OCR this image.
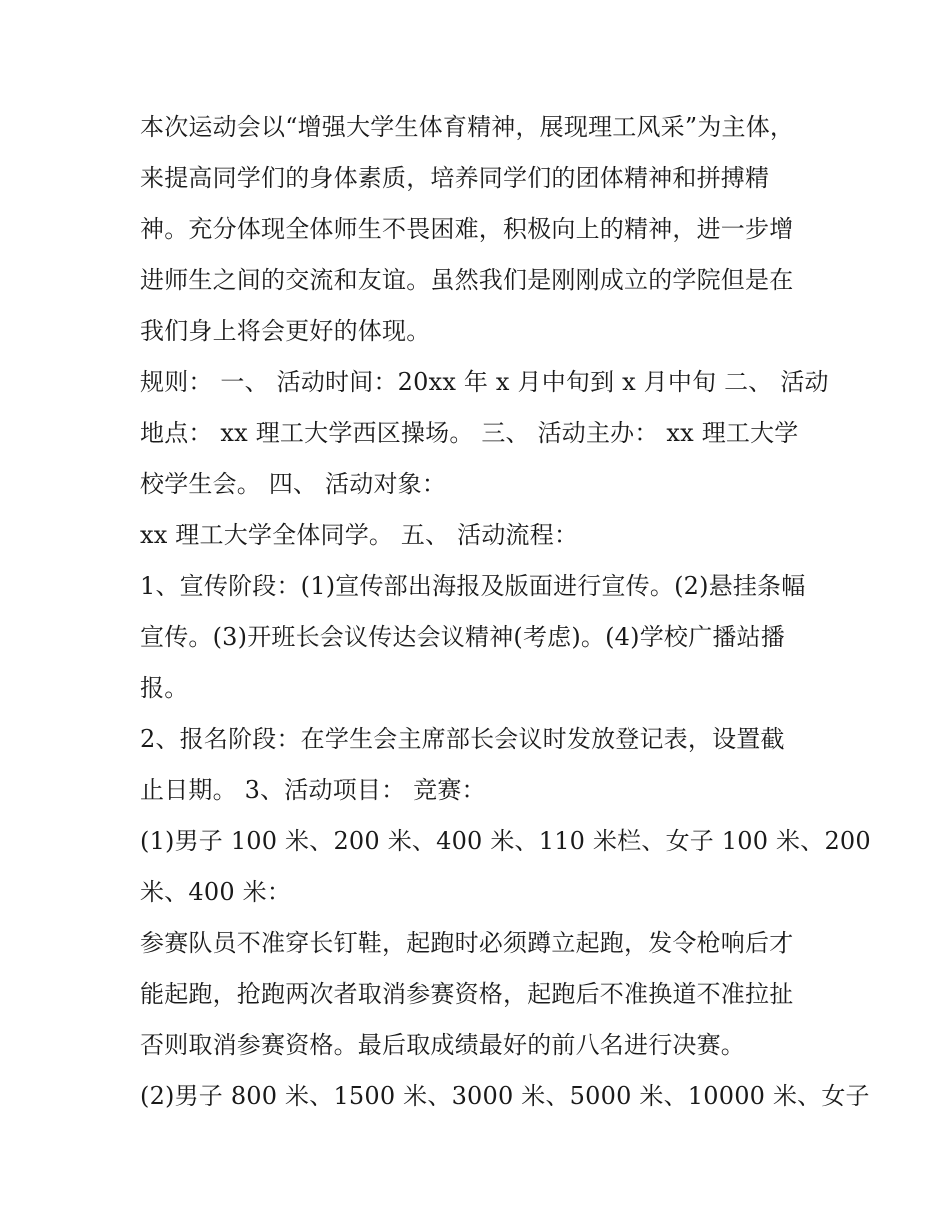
本次运动会以“增强大学生体育精神，展现理工风采”为主体，
来提高同学们的身体素质，培养同学们的团体精神和拼搏精
神。充分体现全体师生不畏困难，积极向上的精神，进一步增
进师生之间的交流和友谊。虽然我们是刚刚成立的学院但是在
我们身上将会更好的体现。
规则： 一、 活动时间：20xx 年 x 月中旬到 x 月中旬 二、 活动
地点： xx 理工大学西区操场。 三、 活动主办： xx 理工大学
校学生会。 四、 活动对象：
xx 理工大学全体同学。 五、 活动流程：
1、宣传阶段：(1)宣传部出海报及版面进行宣传。(2)悬挂条幅
宣传。(3)开班长会议传达会议精神(考虑)。(4)学校广播站播
报。
2、报名阶段：在学生会主席部长会议时发放登记表，设置截
止日期。 3、活动项目： 竞赛：
(1)男子 100 米、200 米、400 米、110 米栏、女子 100 米、200
米、400 米：
参赛队员不准穿长钉鞋，起跑时必须蹲立起跑，发令枪响后才
能起跑，抢跑两次者取消参赛资格，起跑后不准换道不准拉扯
否则取消参赛资格。最后取成绩最好的前八名进行决赛。
(2)男子 800 米、1500 米、3000 米、5000 米、10000 米、女子
